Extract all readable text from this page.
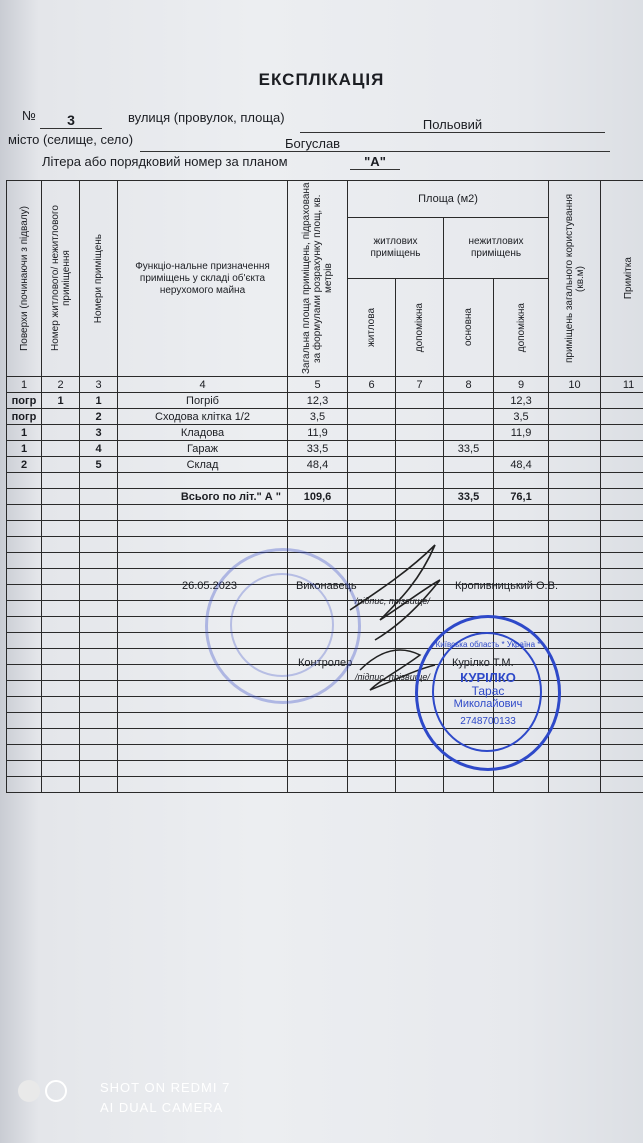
ЕКСПЛІКАЦІЯ
№	3	вулиця (провулок, площа)	Польовий
місто (селище, село)	Богуслав
Літера або порядковий номер за планом	"А"
Поверхи (починаючи з підвалу)	Номер житлового/ нежитлового приміщення	Номери приміщень	Функціо-нальне призначення приміщень у складі об'єкта нерухомого майна	Загальна площа приміщень, підрахована за формулами розрахунку площ, кв. метрів	Площа (м2)				приміщень загального користування (кв.м)	Примітка

					житлових приміщень		нежитлових приміщень			

					житлова	допоміжна	основна	допоміжна		

1	2	3	4	5	6	7	8	9	10	11
погр	1	1	Погріб	12,3				12,3		
погр		2	Сходова клітка 1/2	3,5				3,5		
1		3	Кладова	11,9				11,9		
1		4	Гараж	33,5			33,5			
2		5	Склад	48,4				48,4		

			Всього по літ." А "	109,6			33,5	76,1		

26.05.2023	Виконавець	Кропивницький О.В.
/підпис, прізвище/
Контролер	Курілко Т.М.
/підпис, прізвище/	КУРІЛКО
Тарас
Миколайович
2748700133
Київська область * Україна *

SHOT ON REDMI 7
AI DUAL CAMERA
